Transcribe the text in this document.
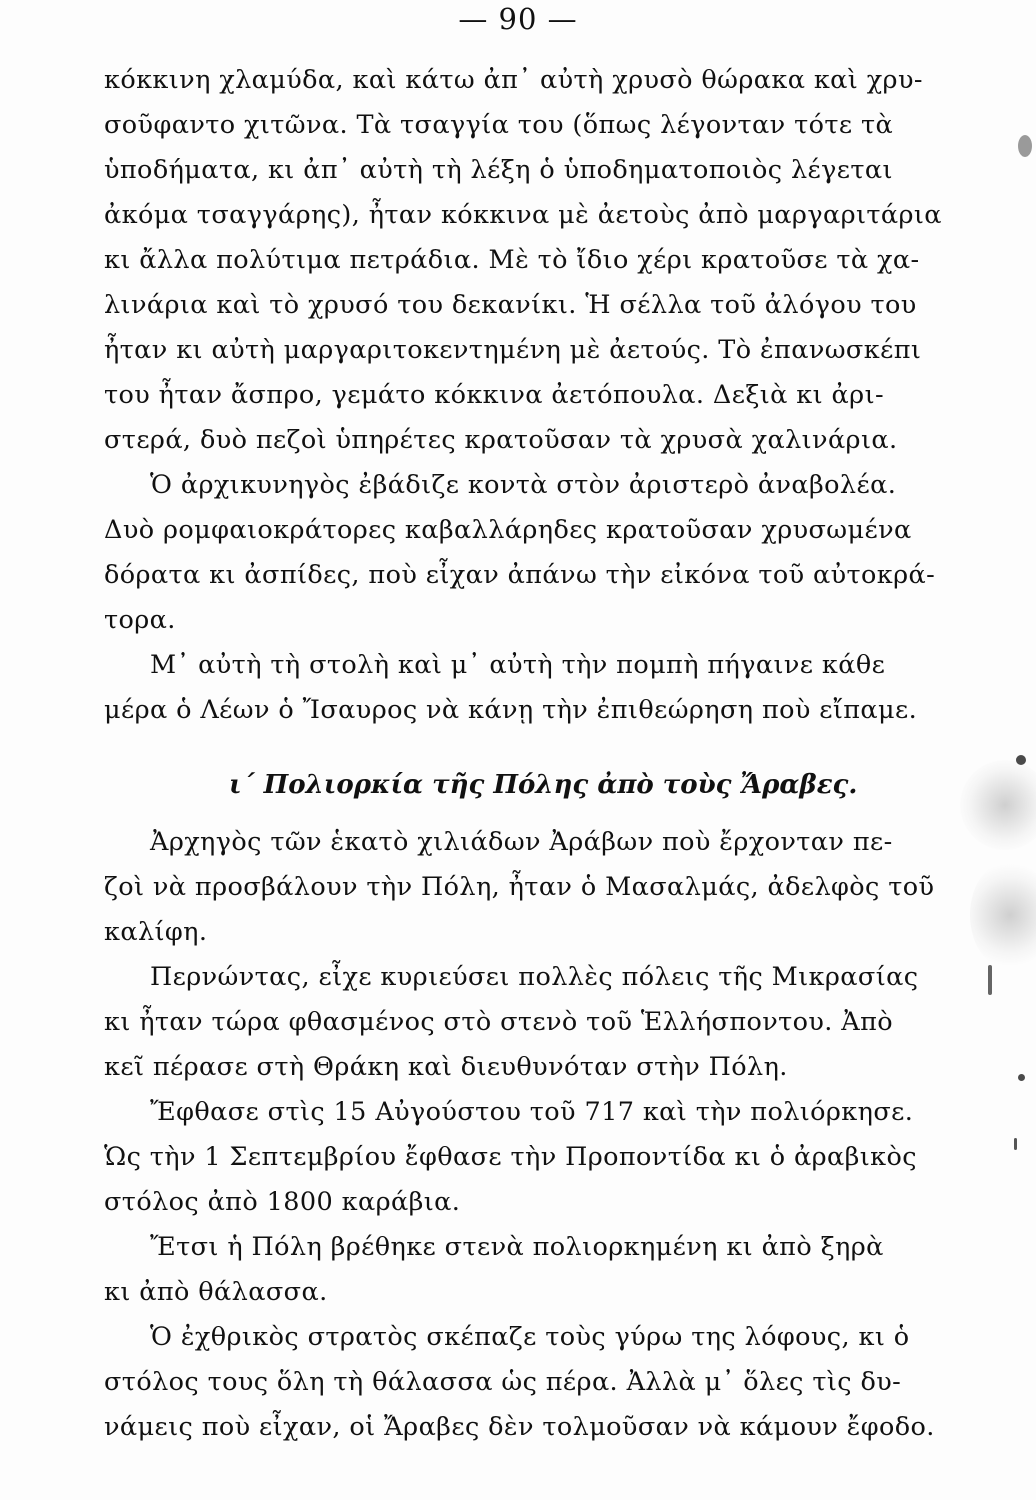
— 90 —
κόκκινη χλαμύδα, καὶ κάτω ἀπ᾽ αὐτὴ χρυσὸ θώρακα καὶ χρυ-
σοῦφαντο χιτῶνα. Τὰ τσαγγία του (ὅπως λέγονταν τότε τὰ
ὑποδήματα, κι ἀπ᾽ αὐτὴ τὴ λέξη ὁ ὑποδηματοποιὸς λέγεται
ἀκόμα τσαγγάρης), ἦταν κόκκινα μὲ ἀετοὺς ἀπὸ μαργαριτάρια
κι ἄλλα πολύτιμα πετράδια. Μὲ τὸ ἴδιο χέρι κρατοῦσε τὰ χα-
λινάρια καὶ τὸ χρυσό του δεκανίκι. Ἡ σέλλα τοῦ ἀλόγου του
ἦταν κι αὐτὴ μαργαριτοκεντημένη μὲ ἀετούς. Τὸ ἐπανωσκέπι
του ἦταν ἄσπρο, γεμάτο κόκκινα ἀετόπουλα. Δεξιὰ κι ἀρι-
στερά, δυὸ πεζοὶ ὑπηρέτες κρατοῦσαν τὰ χρυσὰ χαλινάρια.
Ὁ ἀρχικυνηγὸς ἐβάδιζε κοντὰ στὸν ἀριστερὸ ἀναβολέα.
Δυὸ ρομφαιοκράτορες καβαλλάρηδες κρατοῦσαν χρυσωμένα
δόρατα κι ἀσπίδες, ποὺ εἶχαν ἀπάνω τὴν εἰκόνα τοῦ αὐτοκρά-
τορα.
Μ᾽ αὐτὴ τὴ στολὴ καὶ μ᾽ αὐτὴ τὴν πομπὴ πήγαινε κάθε
μέρα ὁ Λέων ὁ Ἴσαυρος νὰ κάνῃ τὴν ἐπιθεώρηση ποὺ εἴπαμε.
ι´ Πολιορκία τῆς Πόλης ἀπὸ τοὺς Ἄραβες.
Ἀρχηγὸς τῶν ἑκατὸ χιλιάδων Ἀράβων ποὺ ἔρχονταν πε-
ζοὶ νὰ προσβάλουν τὴν Πόλη, ἦταν ὁ Μασαλμάς, ἀδελφὸς τοῦ
καλίφη.
Περνώντας, εἶχε κυριεύσει πολλὲς πόλεις τῆς Μικρασίας
κι ἦταν τώρα φθασμένος στὸ στενὸ τοῦ Ἑλλήσποντου. Ἀπὸ
κεῖ πέρασε στὴ Θράκη καὶ διευθυνόταν στὴν Πόλη.
Ἔφθασε στὶς 15 Αὐγούστου τοῦ 717 καὶ τὴν πολιόρκησε.
Ὡς τὴν 1 Σεπτεμβρίου ἔφθασε τὴν Προποντίδα κι ὁ ἀραβικὸς
στόλος ἀπὸ 1800 καράβια.
Ἔτσι ἡ Πόλη βρέθηκε στενὰ πολιορκημένη κι ἀπὸ ξηρὰ
κι ἀπὸ θάλασσα.
Ὁ ἐχθρικὸς στρατὸς σκέπαζε τοὺς γύρω της λόφους, κι ὁ
στόλος τους ὅλη τὴ θάλασσα ὡς πέρα. Ἀλλὰ μ᾽ ὅλες τὶς δυ-
νάμεις ποὺ εἶχαν, οἱ Ἄραβες δὲν τολμοῦσαν νὰ κάμουν ἔφοδο.
